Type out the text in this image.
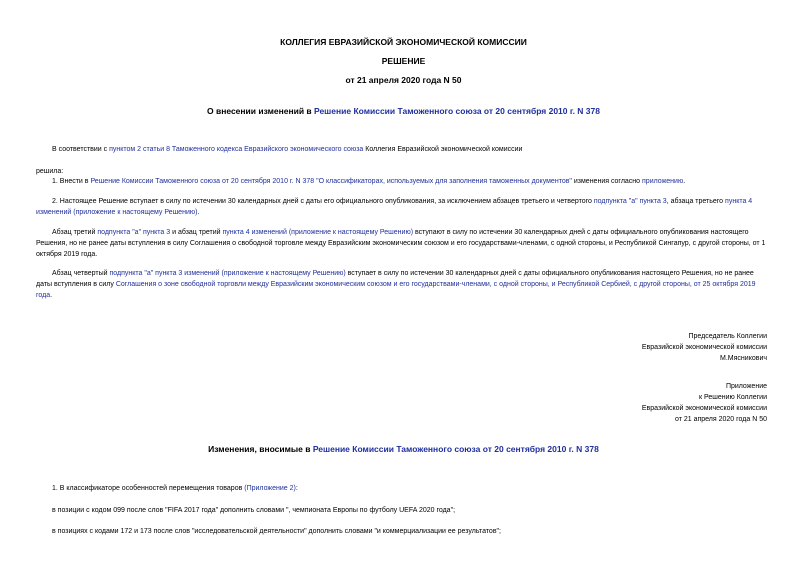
КОЛЛЕГИЯ ЕВРАЗИЙСКОЙ ЭКОНОМИЧЕСКОЙ КОМИССИИ
РЕШЕНИЕ
от 21 апреля 2020 года N 50
О внесении изменений в Решение Комиссии Таможенного союза от 20 сентября 2010 г. N 378
В соответствии с пунктом 2 статьи 8 Таможенного кодекса Евразийского экономического союза Коллегия Евразийской экономической комиссии
решила:
1. Внести в Решение Комиссии Таможенного союза от 20 сентября 2010 г. N 378 "О классификаторах, используемых для заполнения таможенных документов" изменения согласно приложению.
2. Настоящее Решение вступает в силу по истечении 30 календарных дней с даты его официального опубликования, за исключением абзацев третьего и четвертого подпункта "а" пункта 3, абзаца третьего пункта 4 изменений (приложение к настоящему Решению).
Абзац третий подпункта "а" пункта 3 и абзац третий пункта 4 изменений (приложение к настоящему Решению) вступают в силу по истечении 30 календарных дней с даты официального опубликования настоящего Решения, но не ранее даты вступления в силу Соглашения о свободной торговле между Евразийским экономическим союзом и его государствами-членами, с одной стороны, и Республикой Сингапур, с другой стороны, от 1 октября 2019 года.
Абзац четвертый подпункта "а" пункта 3 изменений (приложение к настоящему Решению) вступает в силу по истечении 30 календарных дней с даты официального опубликования настоящего Решения, но не ранее даты вступления в силу Соглашения о зоне свободной торговли между Евразийским экономическим союзом и его государствами-членами, с одной стороны, и Республикой Сербией, с другой стороны, от 25 октября 2019 года.
Председатель Коллегии
Евразийской экономической комиссии
М.Мясникович
Приложение
к Решению Коллегии
Евразийской экономической комиссии
от 21 апреля 2020 года N 50
Изменения, вносимые в Решение Комиссии Таможенного союза от 20 сентября 2010 г. N 378
1. В классификаторе особенностей перемещения товаров (Приложение 2):
в позиции с кодом 099 после слов "FIFA 2017 года" дополнить словами ", чемпионата Европы по футболу UEFA 2020 года";
в позициях с кодами 172 и 173 после слов "исследовательской деятельности" дополнить словами "и коммерциализации ее результатов";
